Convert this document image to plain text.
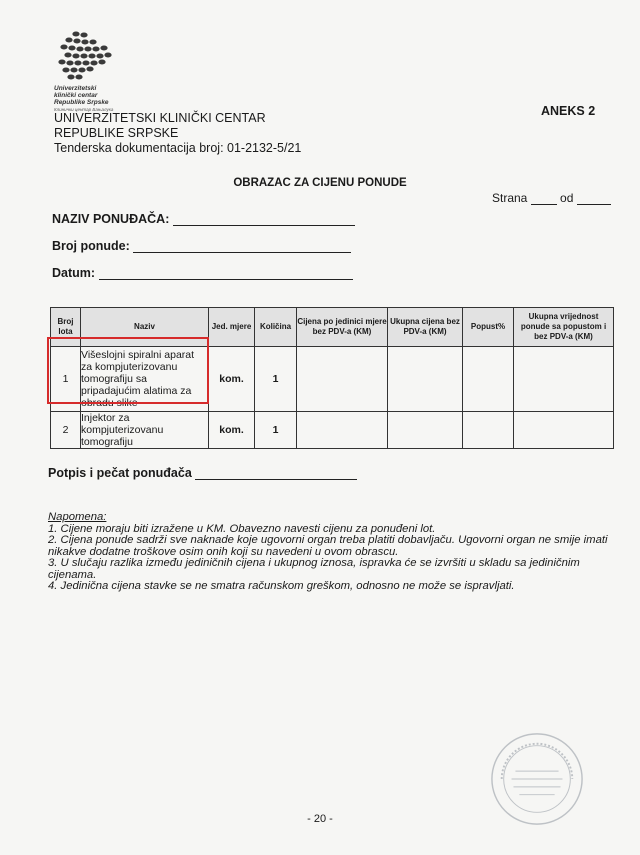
Univerzitetski
klinički centar
Republike Srpske
Клинички центар Бањалука	ANEKS 2
UNIVERZITETSKI KLINIČKI CENTAR
REPUBLIKE SRPSKE
Tenderska dokumentacija broj: 01-2132-5/21
OBRAZAC ZA CIJENU PONUDE
Strana	od
NAZIV PONUĐAČA:
Broj ponude:
Datum:
Broj lota	Naziv	Jed. mjere	Količina	Cijena po jedinici mjere bez PDV-a (KM)	Ukupna cijena bez PDV-a (KM)	Popust%	Ukupna vrijednost ponude sa popustom i bez PDV-a (KM)
1	Višeslojni spiralni aparat za kompjuterizovanu tomografiju sa pripadajućim alatima za obradu slike	kom.	1				
2	Injektor za kompjuterizovanu tomografiju	kom.	1				
Potpis i pečat ponuđača
Napomena:
1. Cijene moraju biti izražene u KM. Obavezno navesti cijenu za ponuđeni lot.
2. Cijena ponude sadrži sve naknade koje ugovorni organ treba platiti dobavljaču. Ugovorni organ ne smije imati nikakve dodatne troškove osim onih koji su navedeni u ovom obrascu.
3. U slučaju razlika između jediničnih cijena i ukupnog iznosa, ispravka će se izvršiti u skladu sa jediničnim cijenama.
4. Jedinična cijena stavke se ne smatra računskom greškom, odnosno ne može se ispravljati.
- 20 -
